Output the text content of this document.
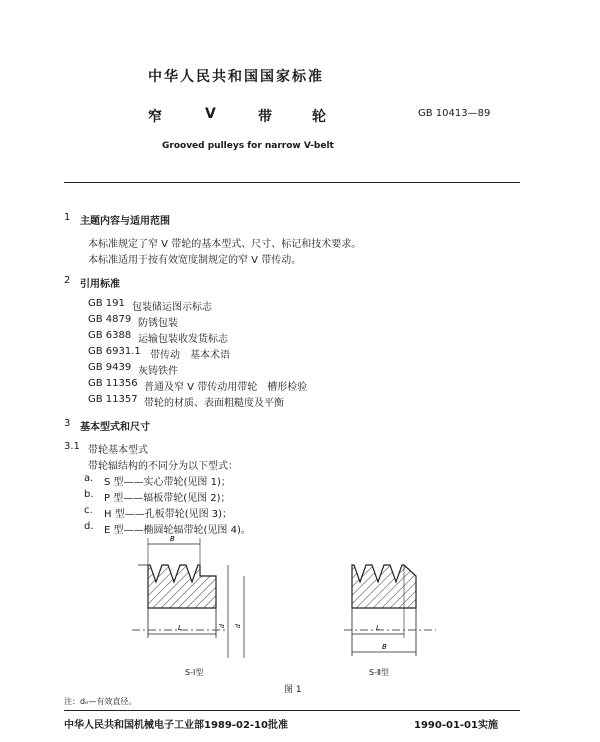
中华人民共和国国家标准
窄	V	带	轮	GB 10413—89
Grooved pulleys for narrow V-belt
1 主题内容与适用范围
本标准规定了窄 V 带轮的基本型式、尺寸、标记和技术要求。
本标准适用于按有效宽度制规定的窄 V 带传动。
2 引用标准
GB 191 包装储运图示标志
GB 4879 防锈包装
GB 6388 运输包装收发货标志
GB 6931.1 带传动　基本术语
GB 9439 灰铸铁件
GB 11356 普通及窄 V 带传动用带轮　槽形检验
GB 11357 带轮的材质、表面粗糙度及平衡
3 基本型式和尺寸
3.1 带轮基本型式
带轮辐结构的不同分为以下型式：
a. S 型——实心带轮(见图 1)；
b. P 型——辐板带轮(见图 2)；
c. H 型——孔板带轮(见图 3)；
d. E 型——椭圆轮辐带轮(见图 4)。
B
L	d d	L
B
S-Ⅰ型	S-Ⅱ型
图 1
注：dₑ—有效直径。
中华人民共和国机械电子工业部1989-02-10批准	1990-01-01实施
